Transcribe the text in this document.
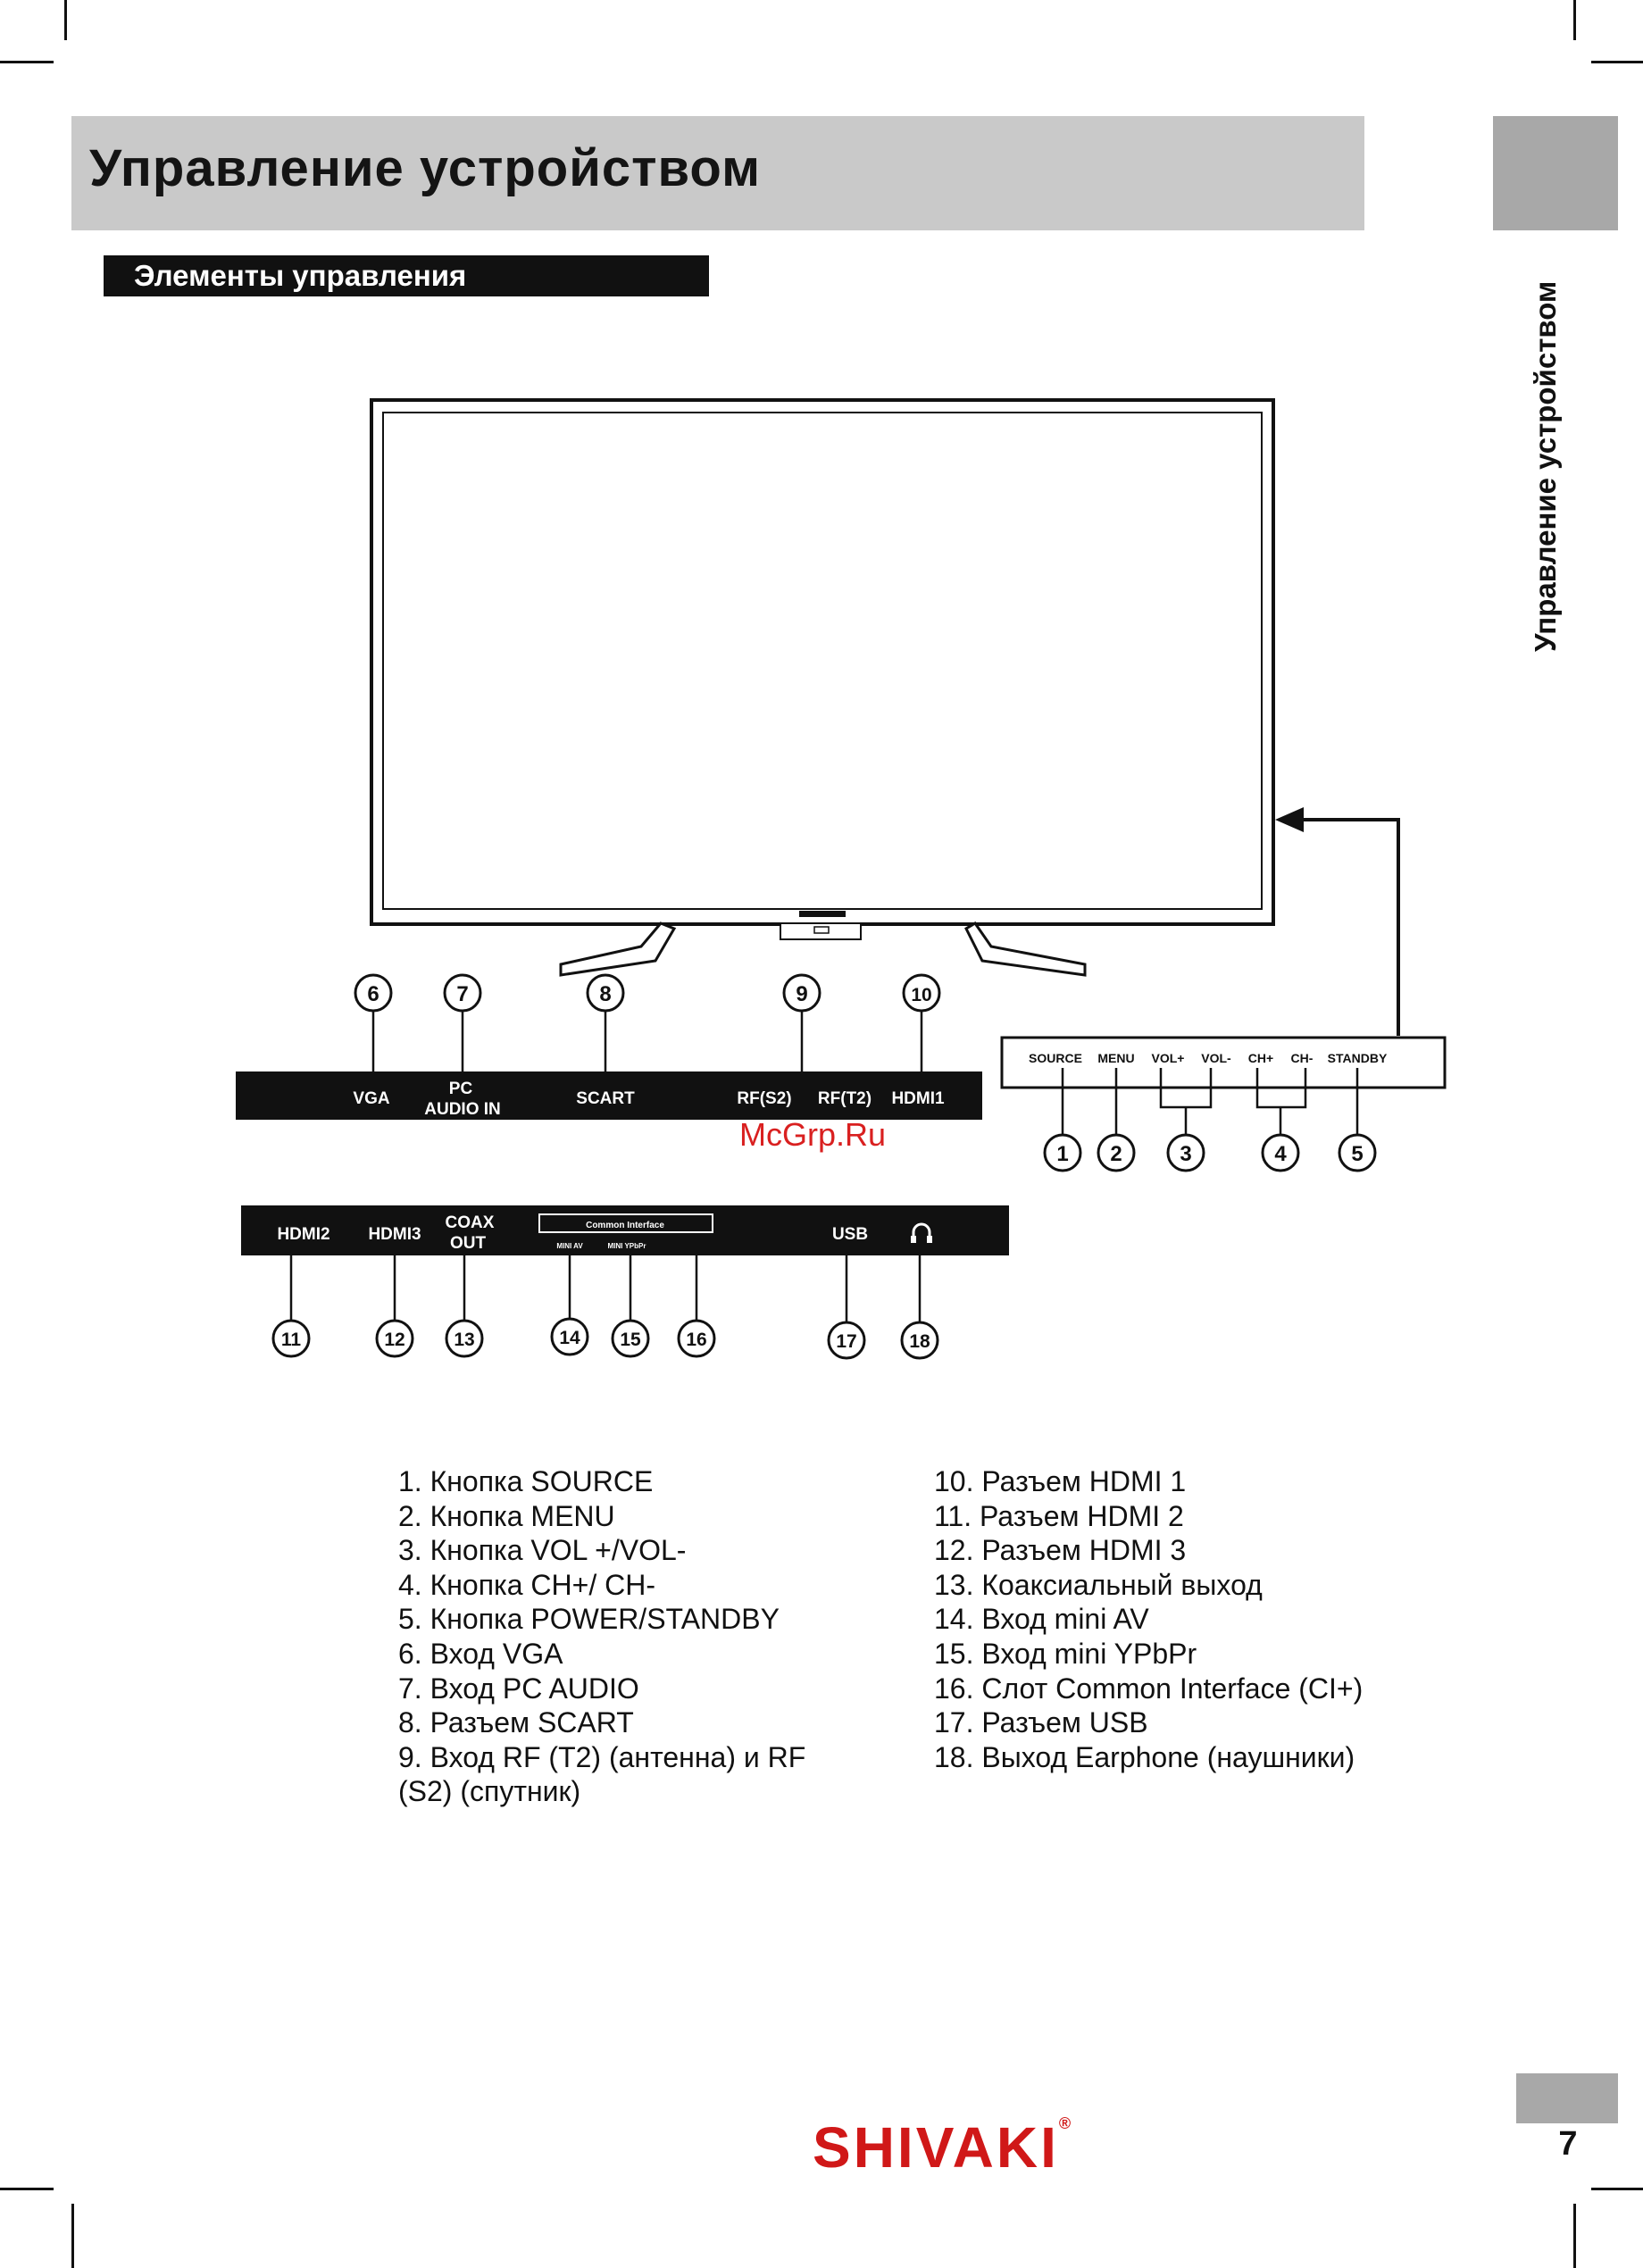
Управление устройством
Элементы управления
Управление устройством
VGA
PC
AUDIO IN
SCART	RF(S2) RF(T2) HDMI1
6	7	8	9	10
SOURCE MENU VOL+ VOL- CH+ CH- STANDBY
1 2	3	4	5
HDMI2 HDMI3
COAX
OUT	USB
Common Interface
MINI AV	MINI YPbPr
11	12	13	14 15 16	17	18
McGrp.Ru
1. Кнопка SOURCE
2. Кнопка MENU
3. Кнопка VOL +/VOL-
4. Кнопка CH+/ CH-
5. Кнопка POWER/STANDBY
6. Вход VGA
7. Вход PC AUDIO
8. Разъем SCART
9. Вход RF (T2) (антенна) и RF (S2) (спутник)
10. Разъем HDMI 1
11. Разъем HDMI 2
12. Разъем HDMI 3
13. Коаксиальный выход
14. Вход mini AV
15. Вход mini YPbPr
16. Слот Common Interface (CI+)
17. Разъем USB
18. Выход Earphone (наушники)
SHIVAKI®
7
